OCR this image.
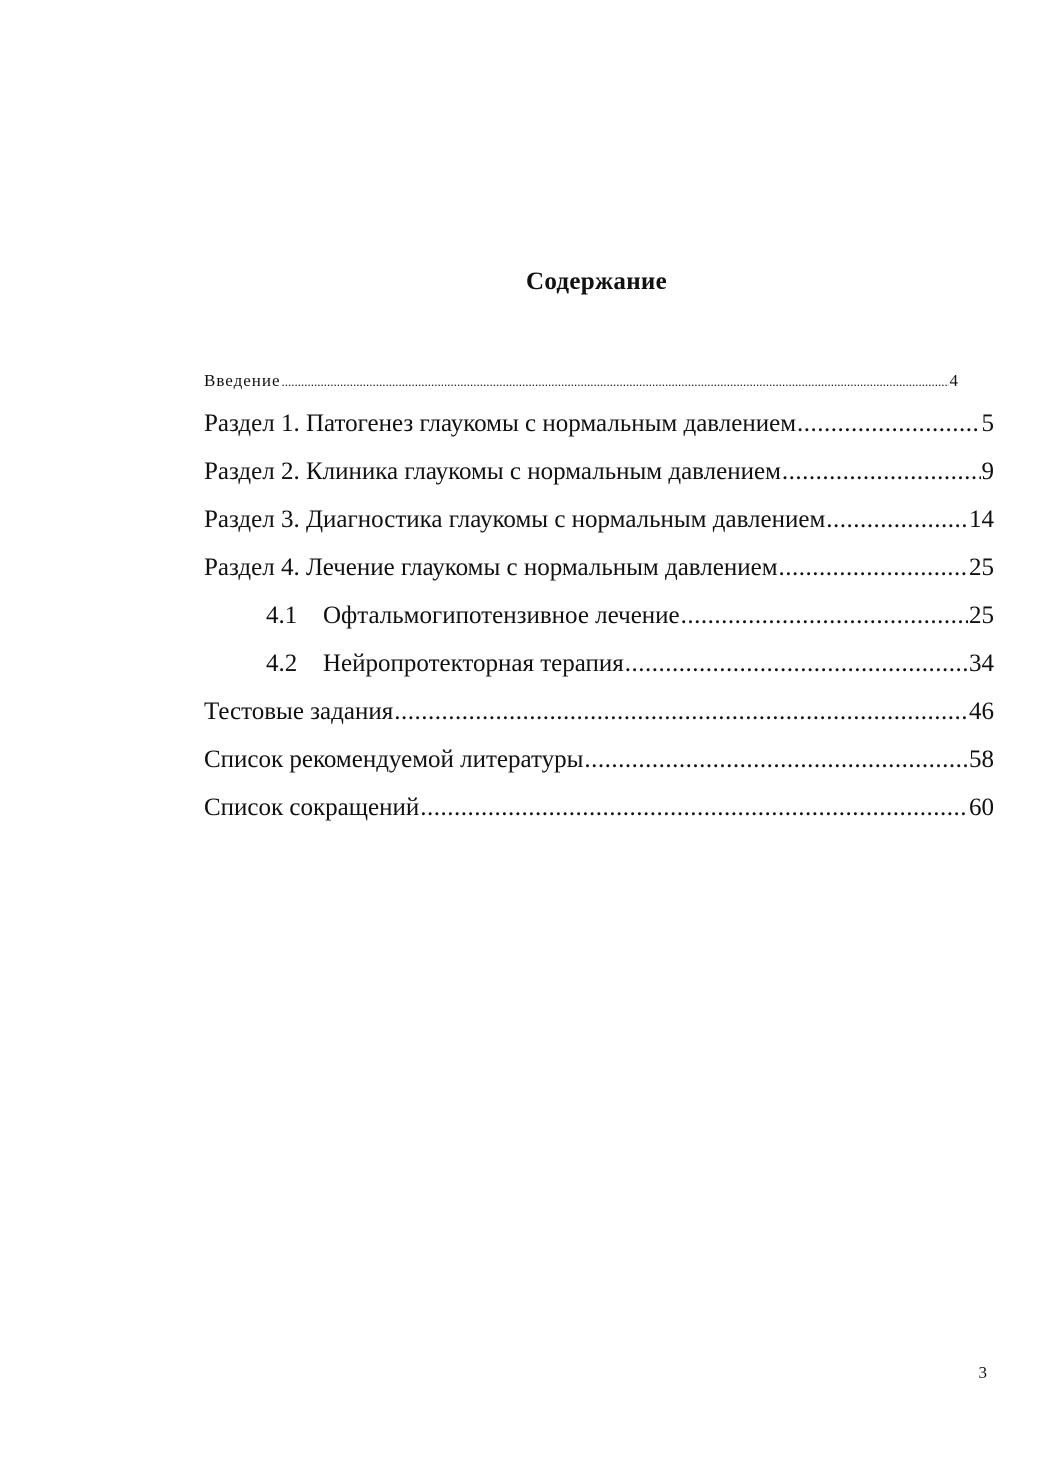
Содержание
Введение .....	4
Раздел 1. Патогенез глаукомы с нормальным давлением .....	5
Раздел 2. Клиника глаукомы с нормальным давлением .....	9
Раздел 3. Диагностика глаукомы с нормальным давлением .....	14
Раздел 4. Лечение глаукомы с нормальным давлением .....	25
4.1 Офтальмогипотензивное лечение .....	25
4.2 Нейропротекторная терапия .....	34
Тестовые задания .....	46
Список рекомендуемой литературы .....	58
Список сокращений .....	60
3
